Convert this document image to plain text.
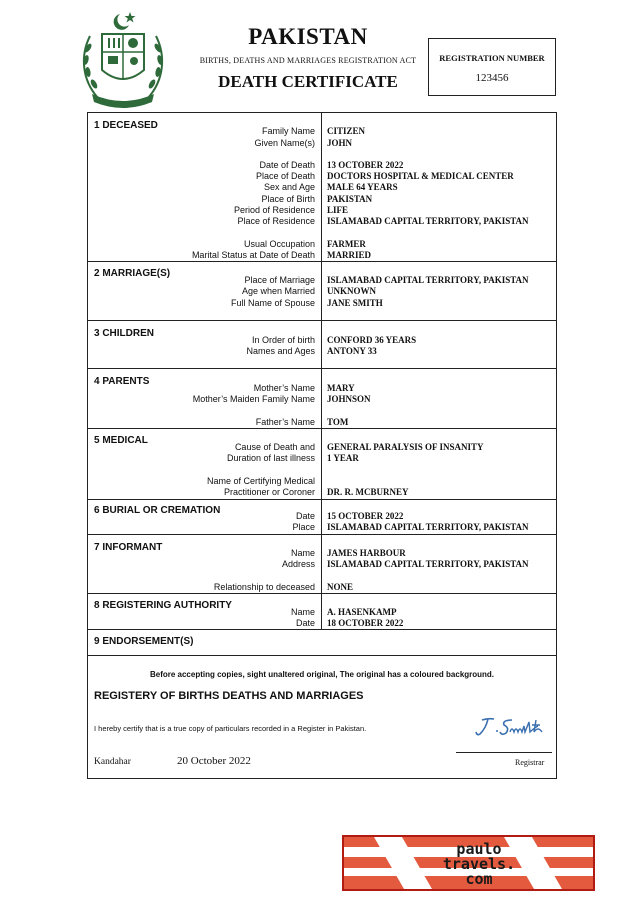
PAKISTAN
BIRTHS, DEATHS AND MARRIAGES REGISTRATION ACT
DEATH CERTIFICATE
REGISTRATION NUMBER
123456
1 DECEASED	Family Name CITIZEN
Given Name(s) JOHN
Date of Death 13 OCTOBER 2022
Place of Death DOCTORS HOSPITAL & MEDICAL CENTER
Sex and Age MALE 64 YEARS
Place of Birth PAKISTAN
Period of Residence LIFE
Place of Residence ISLAMABAD CAPITAL TERRITORY, PAKISTAN
Usual Occupation FARMER
Marital Status at Date of Death MARRIED
2 MARRIAGE(S)
Place of Marriage ISLAMABAD CAPITAL TERRITORY, PAKISTAN
Age when Married UNKNOWN
Full Name of Spouse JANE SMITH
3 CHILDREN
In Order of birth CONFORD 36 YEARS
Names and Ages ANTONY 33
4 PARENTS
Mother’s Name MARY
Mother’s Maiden Family Name JOHNSON
Father’s Name TOM
5 MEDICAL
Cause of Death and GENERAL PARALYSIS OF INSANITY
Duration of last illness 1 YEAR
Name of Certifying Medical
Practitioner or Coroner DR. R. MCBURNEY
6 BURIAL OR CREMATION	Date 15 OCTOBER 2022
Place ISLAMABAD CAPITAL TERRITORY, PAKISTAN
7 INFORMANT	Name JAMES HARBOUR
Address ISLAMABAD CAPITAL TERRITORY, PAKISTAN
Relationship to deceased NONE
8 REGISTERING AUTHORITY
Name A. HASENKAMP
Date 18 OCTOBER 2022
9 ENDORSEMENT(S)
Before accepting copies, sight unaltered original, The original has a coloured background.
REGISTERY OF BIRTHS DEATHS AND MARRIAGES
I hereby certify that is a true copy of particulars recorded in a Register in Pakistan.
Kandahar	20 October 2022	Registrar
paulo
travels.
com
